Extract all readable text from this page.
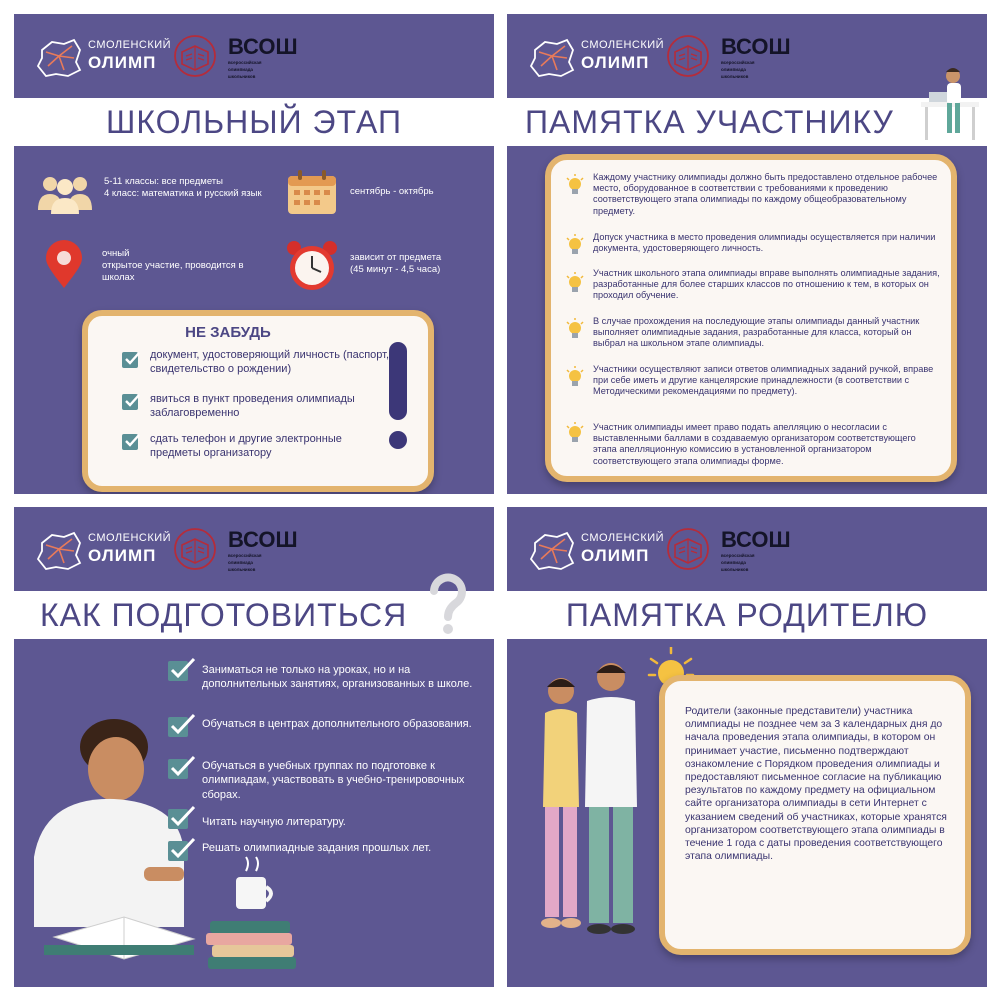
СМОЛЕНСКИЙ
ОЛИМП
ВСОШ
всероссийская
олимпиада
школьников
ШКОЛЬНЫЙ ЭТАП
5-11 классы: все предметы
4 класс: математика и русский язык	сентябрь - октябрь
очный
открытое участие, проводится в школах
зависит от предмета
(45 минут - 4,5 часа)
НЕ ЗАБУДЬ
документ, удостоверяющий личность (паспорт, свидетельство о рождении)
явиться в пункт проведения олимпиады заблаговременно
сдать телефон и другие электронные предметы организатору
СМОЛЕНСКИЙ
ОЛИМП
ВСОШ
всероссийская
олимпиада
школьников
ПАМЯТКА УЧАСТНИКУ
Каждому участнику олимпиады должно быть предоставлено отдельное рабочее место, оборудованное в соответствии с требованиями к проведению соответствующего этапа олимпиады по каждому общеобразовательному предмету.
Допуск участника в место проведения олимпиады осуществляется при наличии документа, удостоверяющего личность.
Участник школьного этапа олимпиады вправе выполнять олимпиадные задания, разработанные для более старших классов по отношению к тем, в которых он проходил обучение.
В случае прохождения на последующие этапы олимпиады данный участник выполняет олимпиадные задания, разработанные для класса, который он выбрал на школьном этапе олимпиады.
Участники осуществляют записи ответов олимпиадных заданий ручкой, вправе при себе иметь и другие канцелярские принадлежности (в соответствии с Методическими рекомендациями по предмету).
Участник олимпиады имеет право подать апелляцию о несогласии с выставленными баллами в создаваемую организатором соответствующего этапа апелляционную комиссию в установленной организатором соответствующего этапа олимпиады форме.
СМОЛЕНСКИЙ
ОЛИМП
ВСОШ
всероссийская
олимпиада
школьников
КАК ПОДГОТОВИТЬСЯ
Заниматься не только на уроках, но и на дополнительных занятиях, организованных в школе.
Обучаться в центрах дополнительного образования.
Обучаться в учебных группах по подготовке к олимпиадам, участвовать в учебно-тренировочных сборах.
Читать научную литературу.
Решать олимпиадные задания прошлых лет.
СМОЛЕНСКИЙ
ОЛИМП
ВСОШ
всероссийская
олимпиада
школьников
ПАМЯТКА РОДИТЕЛЮ
Родители (законные представители) участника олимпиады не позднее чем за 3 календарных дня до начала проведения этапа олимпиады, в котором он принимает участие, письменно подтверждают ознакомление с Порядком проведения олимпиады и предоставляют письменное согласие на публикацию результатов по каждому предмету на официальном сайте организатора олимпиады в сети Интернет с указанием сведений об участниках, которые хранятся организатором соответствующего этапа олимпиады в течение 1 года с даты проведения соответствующего этапа олимпиады.
